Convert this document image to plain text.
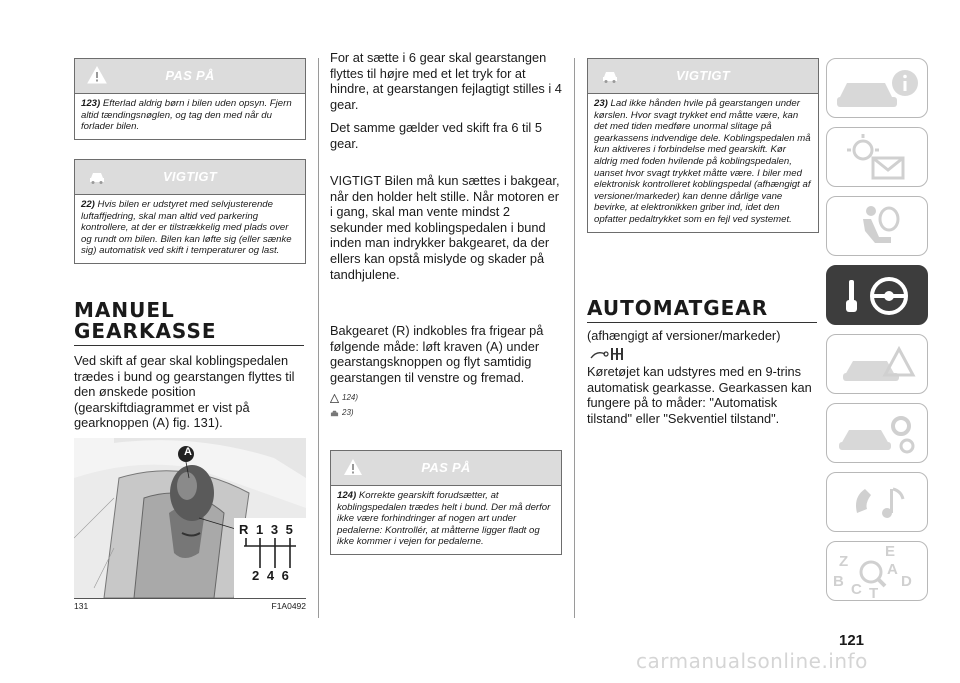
PAS PÅ
123) Efterlad aldrig børn i bilen uden opsyn. Fjern altid tændingsnøglen, og tag den med når du forlader bilen.
VIGTIGT
22) Hvis bilen er udstyret med selvjusterende luftaffjedring, skal man altid ved parkering kontrollere, at der er tilstrækkelig med plads over og rundt om bilen. Bilen kan løfte sig (eller sænke sig) automatisk ved skift i temperaturer og last.
MANUEL
GEARKASSE
Ved skift af gear skal koblingspedalen trædes i bund og gearstangen flyttes til den ønskede position (gearskiftdiagrammet er vist på gearknoppen (A) fig. 131).
A
R 1 3 5
2 4 6
131	F1A0492
For at sætte i 6 gear skal gearstangen flyttes til højre med et let tryk for at hindre, at gearstangen fejlagtigt stilles i 4 gear.
Det samme gælder ved skift fra 6 til 5 gear.
VIGTIGT Bilen må kun sættes i bakgear, når den holder helt stille. Når motoren er i gang, skal man vente mindst 2 sekunder med koblingspedalen i bund inden man indrykker bakgearet, da der ellers kan opstå mislyde og skader på tandhjulene.
Bakgearet (R) indkobles fra frigear på følgende måde: løft kraven (A) under gearstangsknoppen og flyt samtidig gearstangen til venstre og fremad.
124)
23)
PAS PÅ
124) Korrekte gearskift forudsætter, at koblingspedalen trædes helt i bund. Der må derfor ikke være forhindringer af nogen art under pedalerne: Kontrollér, at måtterne ligger fladt og ikke kommer i vejen for pedalerne.
VIGTIGT
23) Lad ikke hånden hvile på gearstangen under kørslen. Hvor svagt trykket end måtte være, kan det med tiden medføre unormal slitage på gearkassens indvendige dele. Koblingspedalen må kun aktiveres i forbindelse med gearskift. Kør aldrig med foden hvilende på koblingspedalen, uanset hvor svagt trykket måtte være. I biler med elektronisk kontrolleret koblingspedal (afhængigt af versioner/markeder) kan denne dårlige vane bevirke, at elektronikken griber ind, idet den opfatter pedaltrykket som en fejl ved systemet.
AUTOMATGEAR
(afhængigt af versioner/markeder)
Køretøjet kan udstyres med en 9-trins automatisk gearkasse. Gearkassen kan fungere på to måder: "Automatisk tilstand" eller "Sekventiel tilstand".
Z
E
A
B C T
D
121
carmanualsonline.info
